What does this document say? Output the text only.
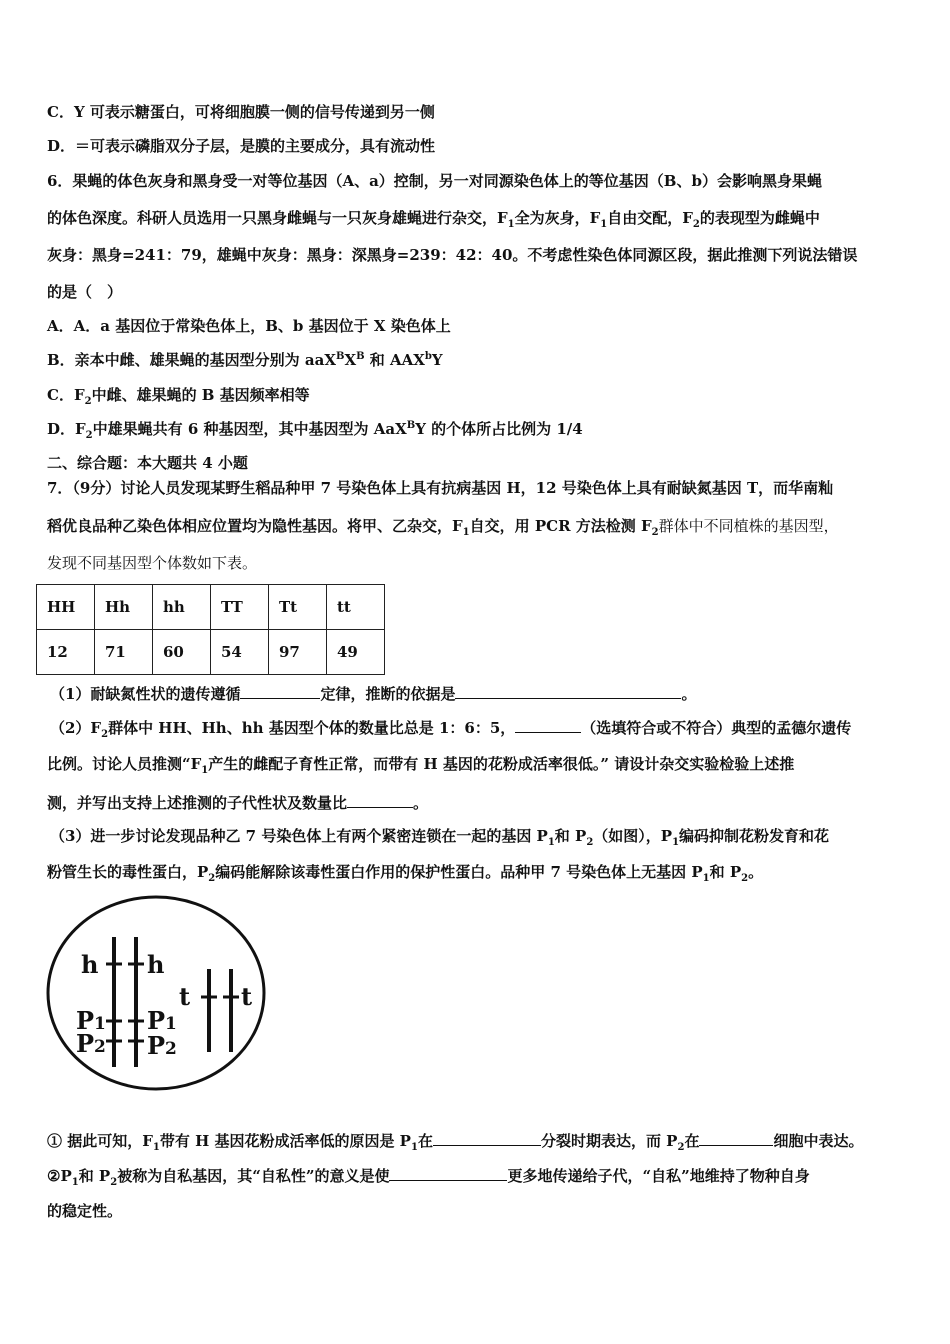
C．Y 可表示糖蛋白，可将细胞膜一侧的信号传递到另一侧
D．＝可表示磷脂双分子层，是膜的主要成分，具有流动性
6．果蝇的体色灰身和黑身受一对等位基因（A、a）控制，另一对同源染色体上的等位基因（B、b）会影响黑身果蝇
的体色深度。科研人员选用一只黑身雌蝇与一只灰身雄蝇进行杂交，$F_1$全为灰身，$F_1$自由交配，$F_2$的表现型为雌蝇中
灰身：黑身=241：79，雄蝇中灰身：黑身：深黑身=239：42：40。不考虑性染色体同源区段，据此推测下列说法错误
的是（　）
A．A．a 基因位于常染色体上，B、b 基因位于 X 染色体上
B．亲本中雌、雄果蝇的基因型分别为 $aaX^BX^B$ 和 AAX$^b$Y
C．$F_2$中雌、雄果蝇的 B 基因频率相等
D．$F_2$中雄果蝇共有 6 种基因型，其中基因型为 AaX$^B$Y 的个体所占比例为 1/4
二、综合题：本大题共 4 小题
7．（9分）讨论人员发现某野生稻品种甲 7 号染色体上具有抗病基因 H，12 号染色体上具有耐缺氮基因 T，而华南籼
稻优良品种乙染色体相应位置均为隐性基因。将甲、乙杂交，$F_1$自交，用 PCR 方法检测 $F_2$群体中不同植株的基因型，
发现不同基因型个体数如下表。
HH	Hh	hh	TT	Tt	tt
12	71	60	54	97	49
（1）耐缺氮性状的遗传遵循	定律，推断的依据是	。
$(2)F_2$群体中 HH、Hh、hh 基因型个体的数量比总是 1：6：5，	（选填符合或不符合）典型的孟德尔遗传
比例。讨论人员推测“$F_1$产生的雌配子育性正常，而带有 H 基因的花粉成活率很低。” 请设计杂交实验检验上述推
测，并写出支持上述推测的子代性状及数量比	。
（3）进一步讨论发现品种乙 7 号染色体上有两个紧密连锁在一起的基因 $P_1$和 $P_2$（如图），$P_1$编码抑制花粉发育和花
粉管生长的毒性蛋白，$P_2$编码能解除该毒性蛋白作用的保护性蛋白。品种甲 7 号染色体上无基因 $P_1$和 $P_2$。
h h
t t
P1 P1
P2 P2
① 据此可知，$F_1$带有 H 基因花粉成活率低的原因是 $P_1$在	分裂时期表达，而 $P_2$在	细胞中表达。
$②P_1$和 $P_2$被称为自私基因，其“自私性”的意义是使	更多地传递给子代，“自私”地维持了物种自身
的稳定性。
